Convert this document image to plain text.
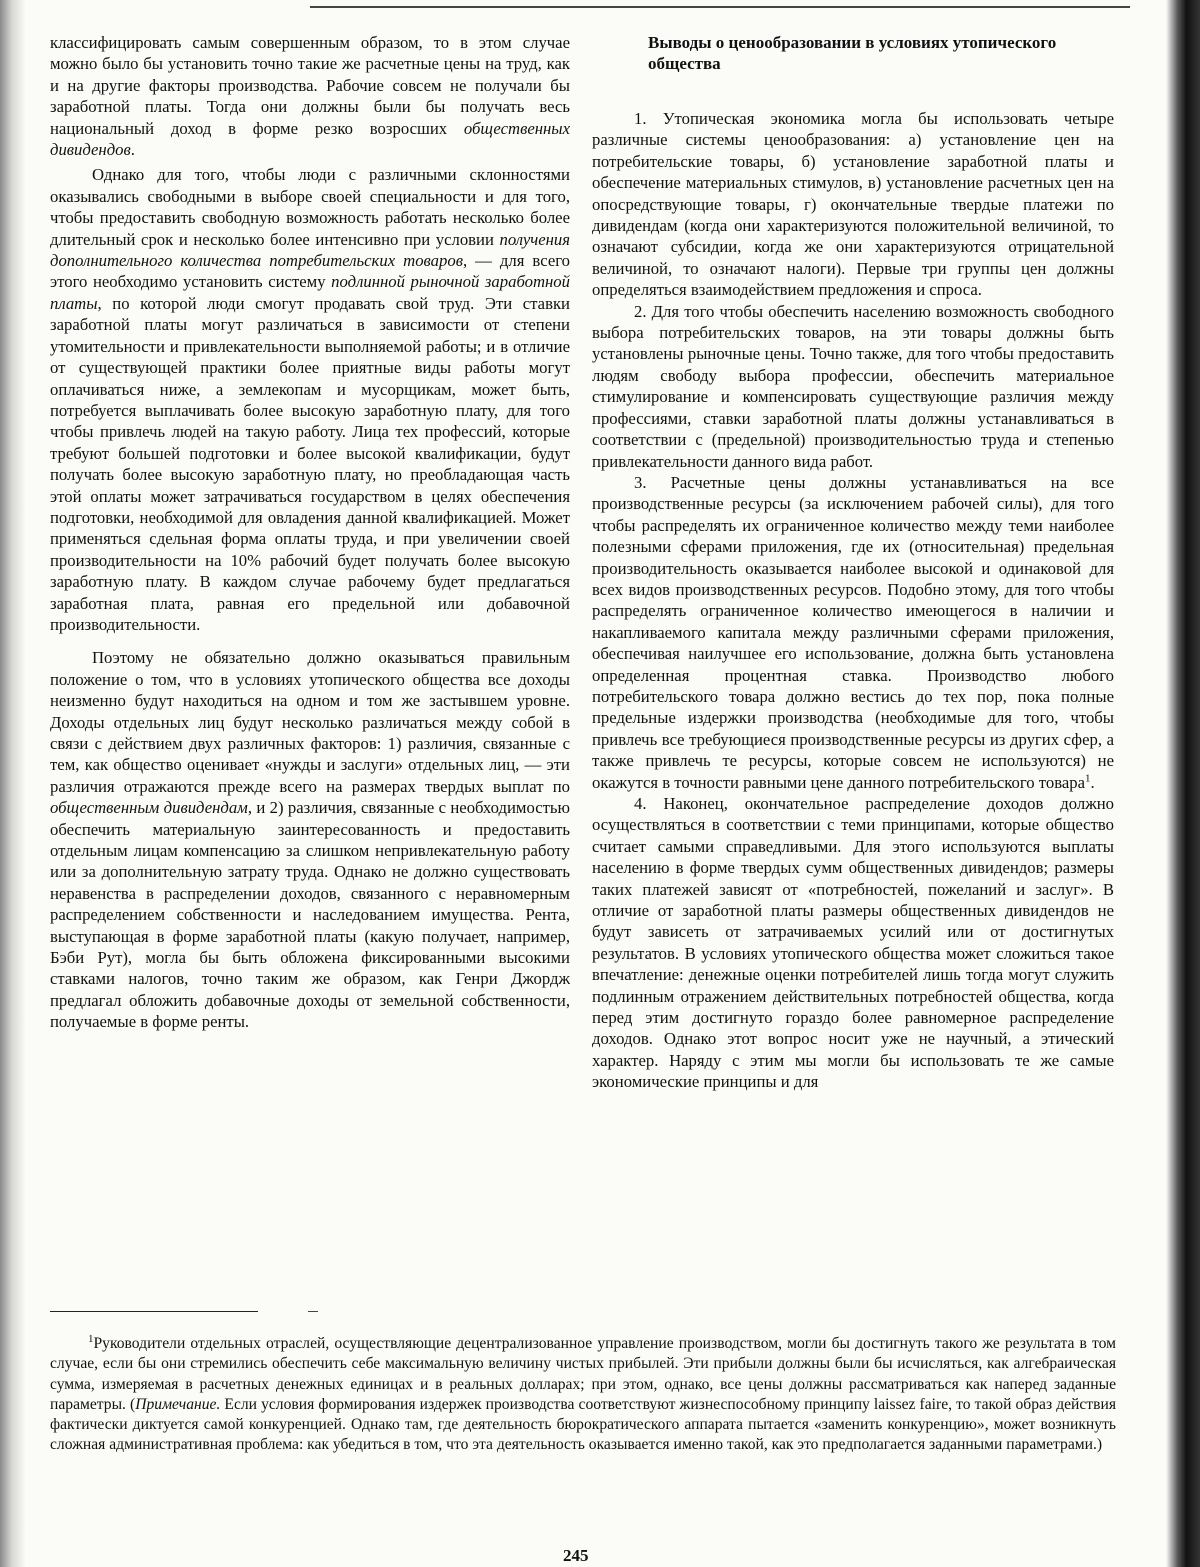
классифицировать самым совершенным образом, то в этом случае можно было бы установить точно такие же расчетные цены на труд, как и на другие факторы производства. Рабочие совсем не получали бы заработной платы. Тогда они должны были бы получать весь национальный доход в форме резко возросших общественных дивидендов.

Однако для того, чтобы люди с различными склонностями оказывались свободными в выборе своей специальности и для того, чтобы предоставить свободную возможность работать несколько более длительный срок и несколько более интенсивно при условии получения дополнительного количества потребительских товаров, — для всего этого необходимо установить систему подлинной рыночной заработной платы, по которой люди смогут продавать свой труд. Эти ставки заработной платы могут различаться в зависимости от степени утомительности и привлекательности выполняемой работы; и в отличие от существующей практики более приятные виды работы могут оплачиваться ниже, а землекопам и мусорщикам, может быть, потребуется выплачивать более высокую заработную плату, для того чтобы привлечь людей на такую работу. Лица тех профессий, которые требуют большей подготовки и более высокой квалификации, будут получать более высокую заработную плату, но преобладающая часть этой оплаты может затрачиваться государством в целях обеспечения подготовки, необходимой для овладения данной квалификацией. Может применяться сдельная форма оплаты труда, и при увеличении своей производительности на 10% рабочий будет получать более высокую заработную плату. В каждом случае рабочему будет предлагаться заработная плата, равная его предельной или добавочной производительности.

Поэтому не обязательно должно оказываться правильным положение о том, что в условиях утопического общества все доходы неизменно будут находиться на одном и том же застывшем уровне. Доходы отдельных лиц будут несколько различаться между собой в связи с действием двух различных факторов: 1) различия, связанные с тем, как общество оценивает «нужды и заслуги» отдельных лиц, — эти различия отражаются прежде всего на размерах твердых выплат по общественным дивидендам, и 2) различия, связанные с необходимостью обеспечить материальную заинтересованность и предоставить отдельным лицам компенсацию за слишком непривлекательную работу или за дополнительную затрату труда. Однако не должно существовать неравенства в распределении доходов, связанного с неравномерным распределением собственности и наследованием имущества. Рента, выступающая в форме заработной платы (какую получает, например, Бэби Рут), могла бы быть обложена фиксированными высокими ставками налогов, точно таким же образом, как Генри Джордж предлагал обложить добавочные доходы от земельной собственности, получаемые в форме ренты.

Выводы о ценообразовании в условиях утопического общества

1. Утопическая экономика могла бы использовать четыре различные системы ценообразования: а) установление цен на потребительские товары, б) установление заработной платы и обеспечение материальных стимулов, в) установление расчетных цен на опосредствующие товары, г) окончательные твердые платежи по дивидендам (когда они характеризуются положительной величиной, то означают субсидии, когда же они характеризуются отрицательной величиной, то означают налоги). Первые три группы цен должны определяться взаимодействием предложения и спроса.

2. Для того чтобы обеспечить населению возможность свободного выбора потребительских товаров, на эти товары должны быть установлены рыночные цены. Точно также, для того чтобы предоставить людям свободу выбора профессии, обеспечить материальное стимулирование и компенсировать существующие различия между профессиями, ставки заработной платы должны устанавливаться в соответствии с (предельной) производительностью труда и степенью привлекательности данного вида работ.

3. Расчетные цены должны устанавливаться на все производственные ресурсы (за исключением рабочей силы), для того чтобы распределять их ограниченное количество между теми наиболее полезными сферами приложения, где их (относительная) предельная производительность оказывается наиболее высокой и одинаковой для всех видов производственных ресурсов. Подобно этому, для того чтобы распределять ограниченное количество имеющегося в наличии и накапливаемого капитала между различными сферами приложения, обеспечивая наилучшее его использование, должна быть установлена определенная процентная ставка. Производство любого потребительского товара должно вестись до тех пор, пока полные предельные издержки производства (необходимые для того, чтобы привлечь все требующиеся производственные ресурсы из других сфер, а также привлечь те ресурсы, которые совсем не используются) не окажутся в точности равными цене данного потребительского товара$^1$.

4. Наконец, окончательное распределение доходов должно осуществляться в соответствии с теми принципами, которые общество считает самыми справедливыми. Для этого используются выплаты населению в форме твердых сумм общественных дивидендов; размеры таких платежей зависят от «потребностей, пожеланий и заслуг». В отличие от заработной платы размеры общественных дивидендов не будут зависеть от затрачиваемых усилий или от достигнутых результатов. В условиях утопического общества может сложиться такое впечатление: денежные оценки потребителей лишь тогда могут служить подлинным отражением действительных потребностей общества, когда перед этим достигнуто гораздо более равномерное распределение доходов. Однако этот вопрос носит уже не научный, а этический характер. Наряду с этим мы могли бы использовать те же самые экономические принципы и для

$^1$Руководители отдельных отраслей, осуществляющие децентрализованное управление производством, могли бы достигнуть такого же результата в том случае, если бы они стремились обеспечить себе максимальную величину чистых прибылей. Эти прибыли должны были бы исчисляться, как алгебраическая сумма, измеряемая в расчетных денежных единицах и в реальных долларах; при этом, однако, все цены должны рассматриваться как наперед заданные параметры. (Примечание. Если условия формирования издержек производства соответствуют жизнеспособному принципу laissez faire, то такой образ действия фактически диктуется самой конкуренцией. Однако там, где деятельность бюрократического аппарата пытается «заменить конкуренцию», может возникнуть сложная административная проблема: как убедиться в том, что эта деятельность оказывается именно такой, как это предполагается заданными параметрами.)

245
